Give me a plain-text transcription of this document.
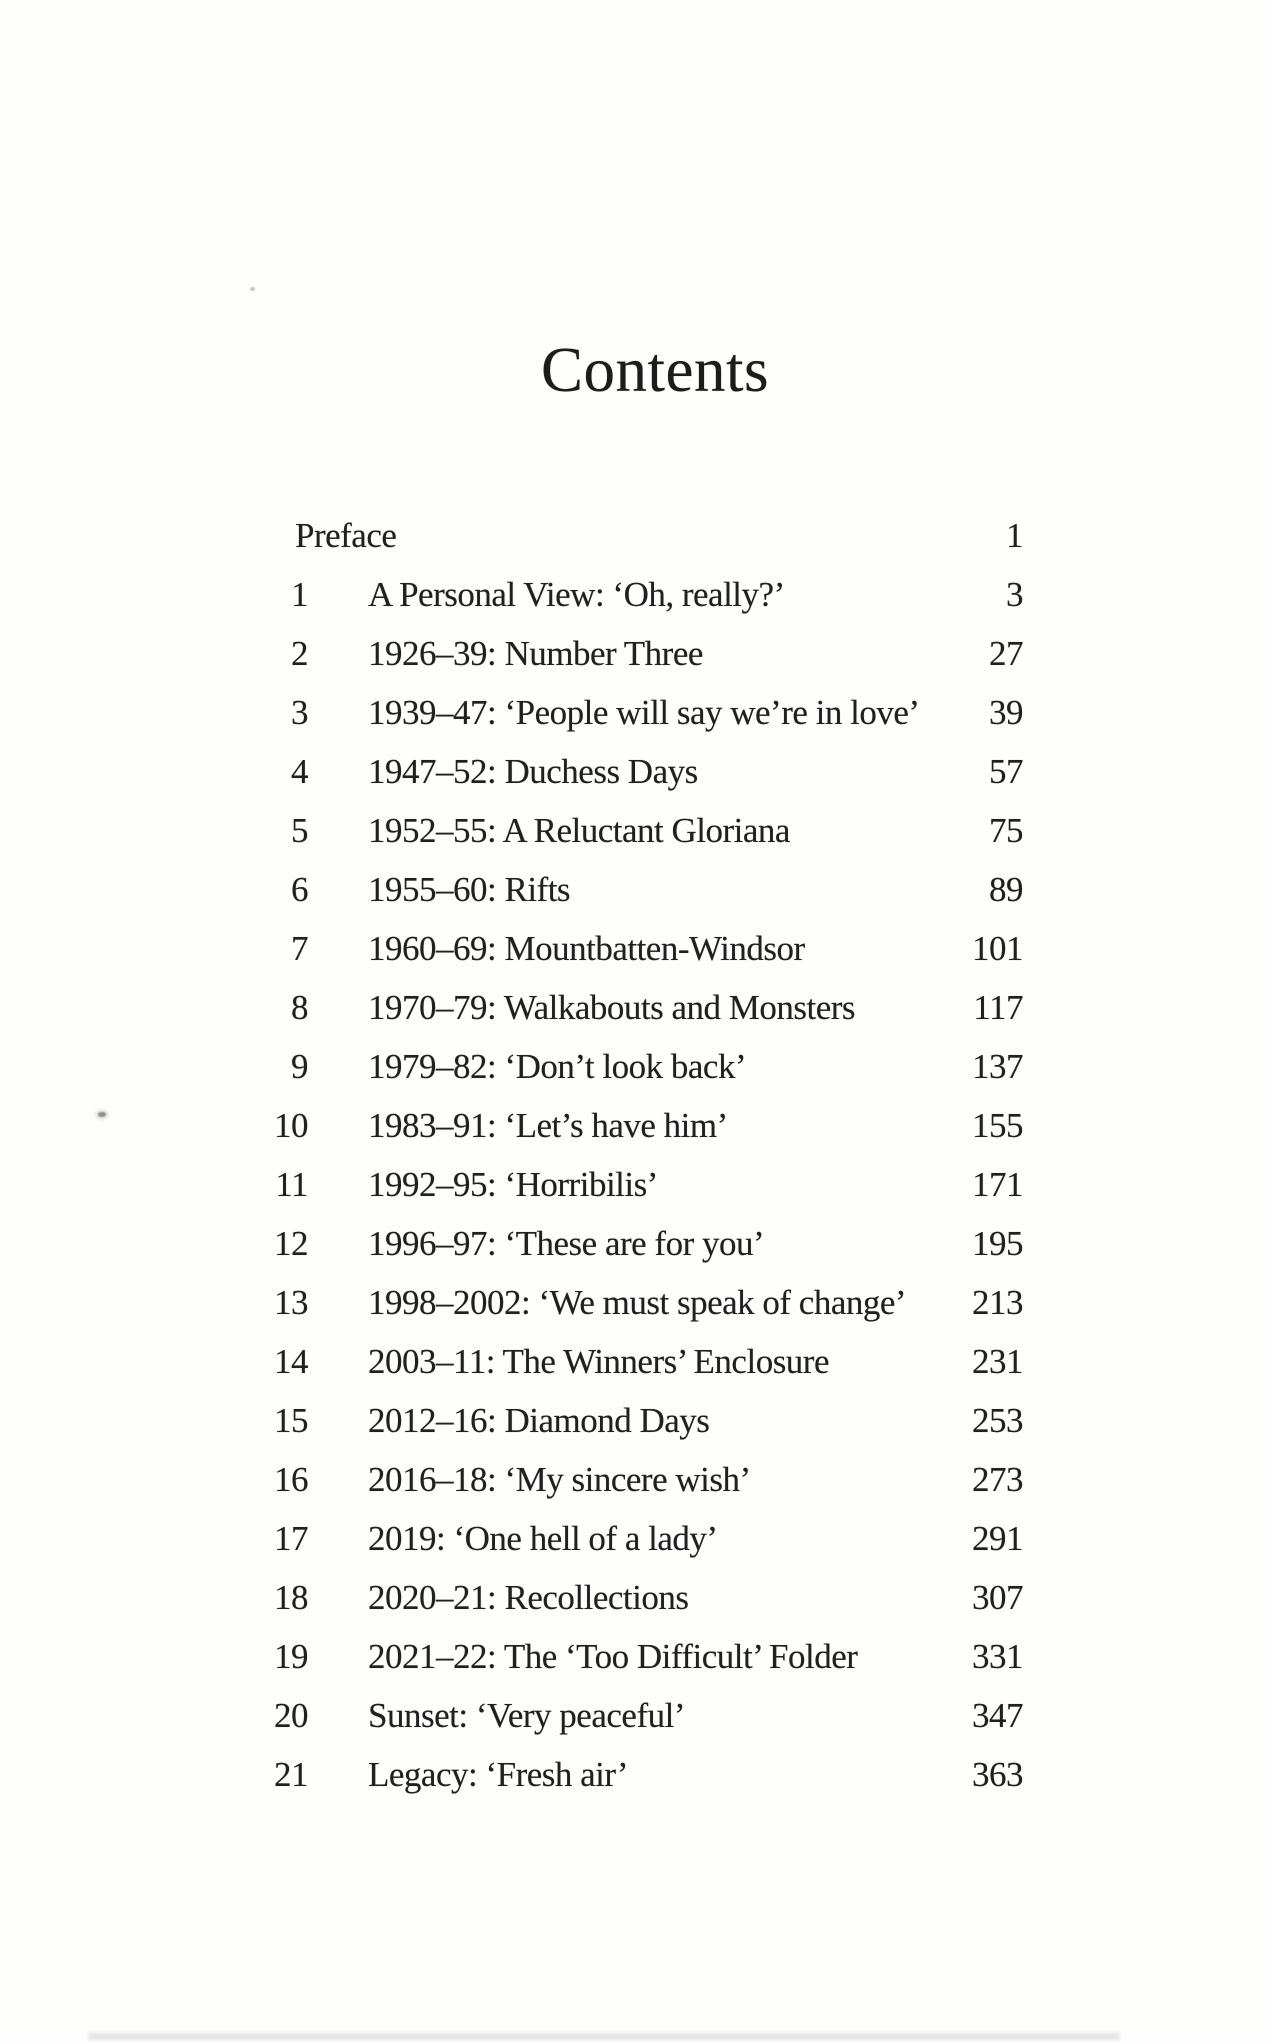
Contents
Preface	1
1 A Personal View: ‘Oh, really?’	3
2 1926–39: Number Three	27
3 1939–47: ‘People will say we’re in love’	39
4 1947–52: Duchess Days	57
5 1952–55: A Reluctant Gloriana	75
6 1955–60: Rifts	89
7 1960–69: Mountbatten-Windsor	101
8 1970–79: Walkabouts and Monsters	117
9 1979–82: ‘Don’t look back’	137
10 1983–91: ‘Let’s have him’	155
11 1992–95: ‘Horribilis’	171
12 1996–97: ‘These are for you’	195
13 1998–2002: ‘We must speak of change’	213
14 2003–11: The Winners’ Enclosure	231
15 2012–16: Diamond Days	253
16 2016–18: ‘My sincere wish’	273
17 2019: ‘One hell of a lady’	291
18 2020–21: Recollections	307
19 2021–22: The ‘Too Difficult’ Folder	331
20 Sunset: ‘Very peaceful’	347
21 Legacy: ‘Fresh air’	363
